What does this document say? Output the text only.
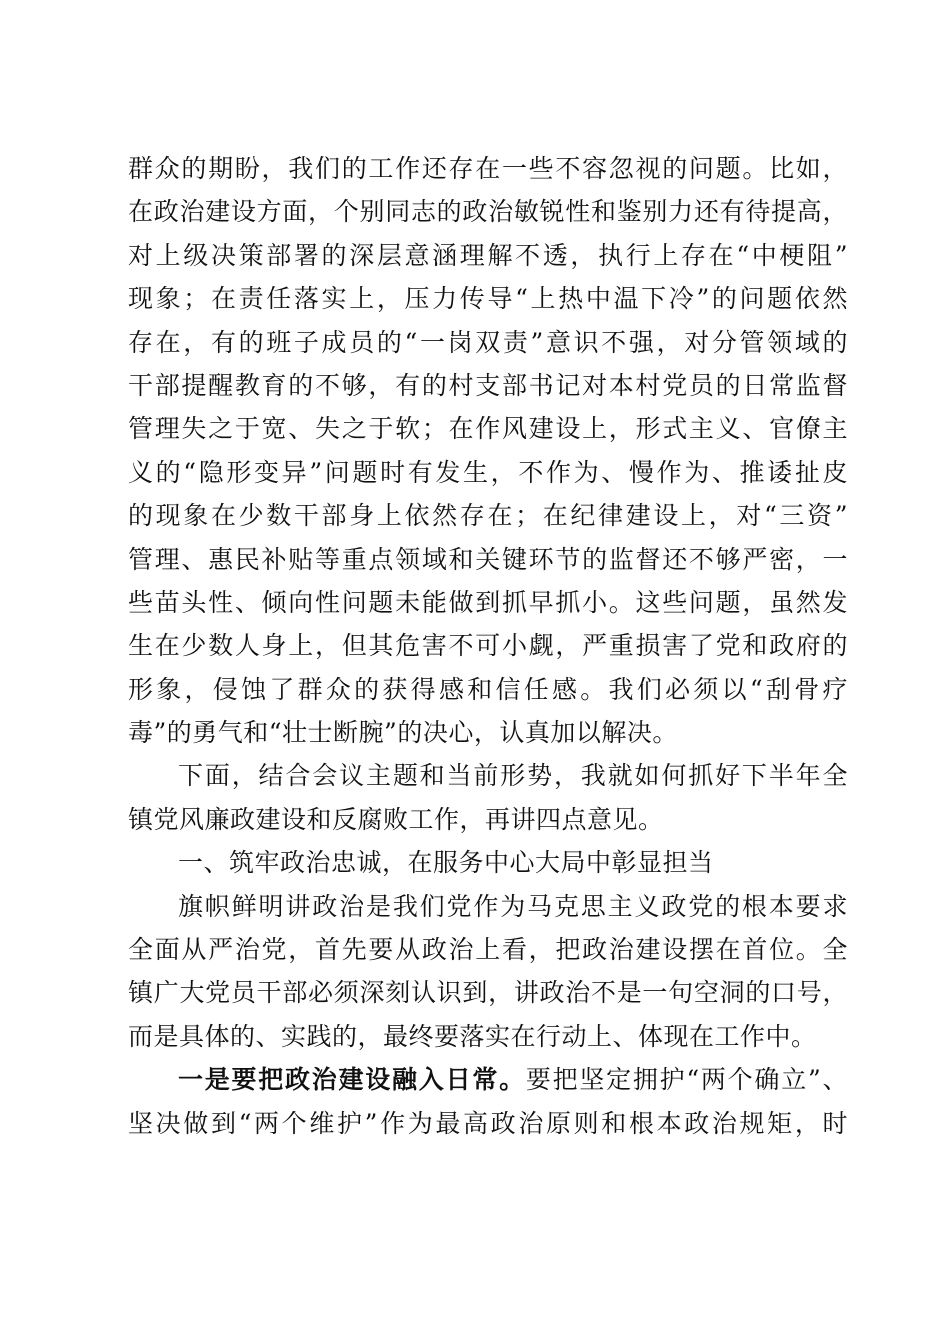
群众的期盼，我们的工作还存在一些不容忽视的问题。比如，
在政治建设方面，个别同志的政治敏锐性和鉴别力还有待提高，
对上级决策部署的深层意涵理解不透，执行上存在“中梗阻”
现象；在责任落实上，压力传导“上热中温下冷”的问题依然
存在，有的班子成员的“一岗双责”意识不强，对分管领域的
干部提醒教育的不够，有的村支部书记对本村党员的日常监督
管理失之于宽、失之于软；在作风建设上，形式主义、官僚主
义的“隐形变异”问题时有发生，不作为、慢作为、推诿扯皮
的现象在少数干部身上依然存在；在纪律建设上，对“三资”
管理、惠民补贴等重点领域和关键环节的监督还不够严密，一
些苗头性、倾向性问题未能做到抓早抓小。这些问题，虽然发
生在少数人身上，但其危害不可小觑，严重损害了党和政府的
形象，侵蚀了群众的获得感和信任感。我们必须以“刮骨疗
毒”的勇气和“壮士断腕”的决心，认真加以解决。
下面，结合会议主题和当前形势，我就如何抓好下半年全
镇党风廉政建设和反腐败工作，再讲四点意见。
一、筑牢政治忠诚，在服务中心大局中彰显担当
旗帜鲜明讲政治是我们党作为马克思主义政党的根本要求
全面从严治党，首先要从政治上看，把政治建设摆在首位。全
镇广大党员干部必须深刻认识到，讲政治不是一句空洞的口号，
而是具体的、实践的，最终要落实在行动上、体现在工作中。
一是要把政治建设融入日常。要把坚定拥护“两个确立”、
坚决做到“两个维护”作为最高政治原则和根本政治规矩，时
